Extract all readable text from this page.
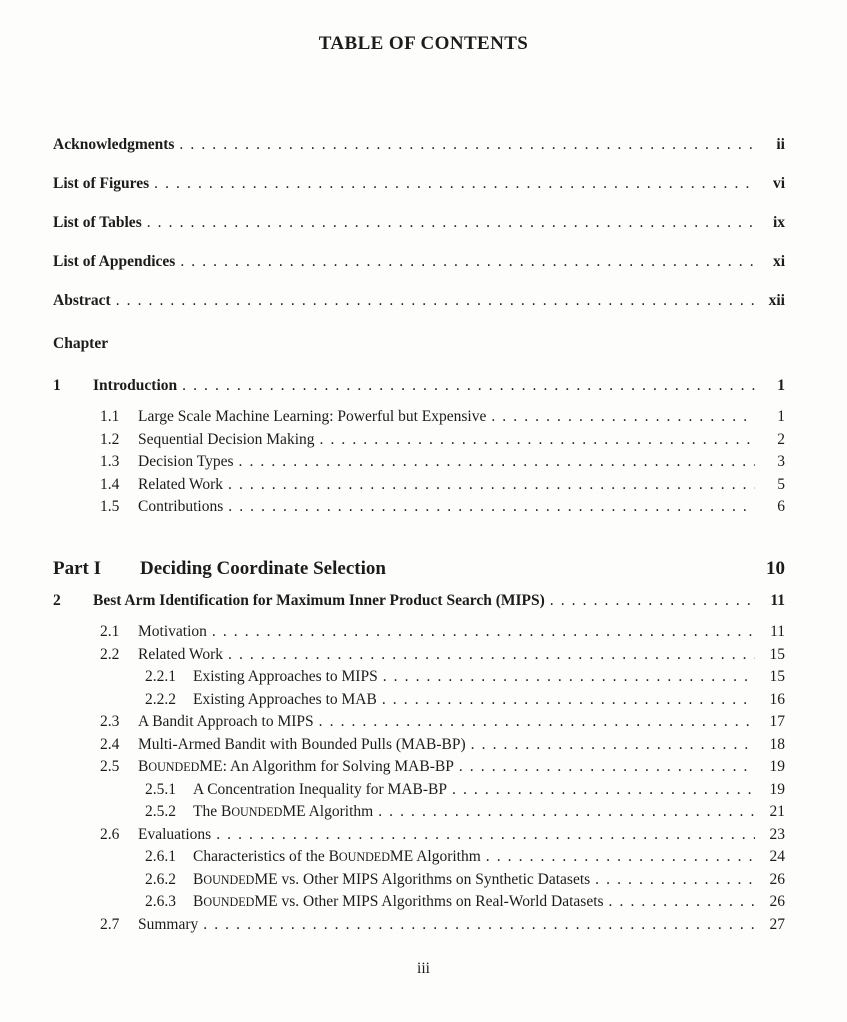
TABLE OF CONTENTS
Acknowledgments . . .	ii
List of Figures . . .	vi
List of Tables . . .	ix
List of Appendices . . .	xi
Abstract . . .	xii
Chapter
1	Introduction . . .	1
1.1	Large Scale Machine Learning: Powerful but Expensive . . .	1
1.2	Sequential Decision Making . . .	2
1.3	Decision Types . . .	3
1.4	Related Work . . .	5
1.5	Contributions . . .	6
Part I	Deciding Coordinate Selection	10
2	Best Arm Identification for Maximum Inner Product Search (MIPS) . . .	11
2.1	Motivation . . .	11
2.2	Related Work . . .	15
2.2.1	Existing Approaches to MIPS . . .	15
2.2.2	Existing Approaches to MAB . . .	16
2.3	A Bandit Approach to MIPS . . .	17
2.4	Multi-Armed Bandit with Bounded Pulls (MAB-BP) . . .	18
2.5	BOUNDEDME: An Algorithm for Solving MAB-BP . . .	19
2.5.1	A Concentration Inequality for MAB-BP . . .	19
2.5.2	The BOUNDEDME Algorithm . . .	21
2.6	Evaluations . . .	23
2.6.1	Characteristics of the BOUNDEDME Algorithm . . .	24
2.6.2	BOUNDEDME vs. Other MIPS Algorithms on Synthetic Datasets . . .	26
2.6.3	BOUNDEDME vs. Other MIPS Algorithms on Real-World Datasets . . .	26
2.7	Summary . . .	27
iii
